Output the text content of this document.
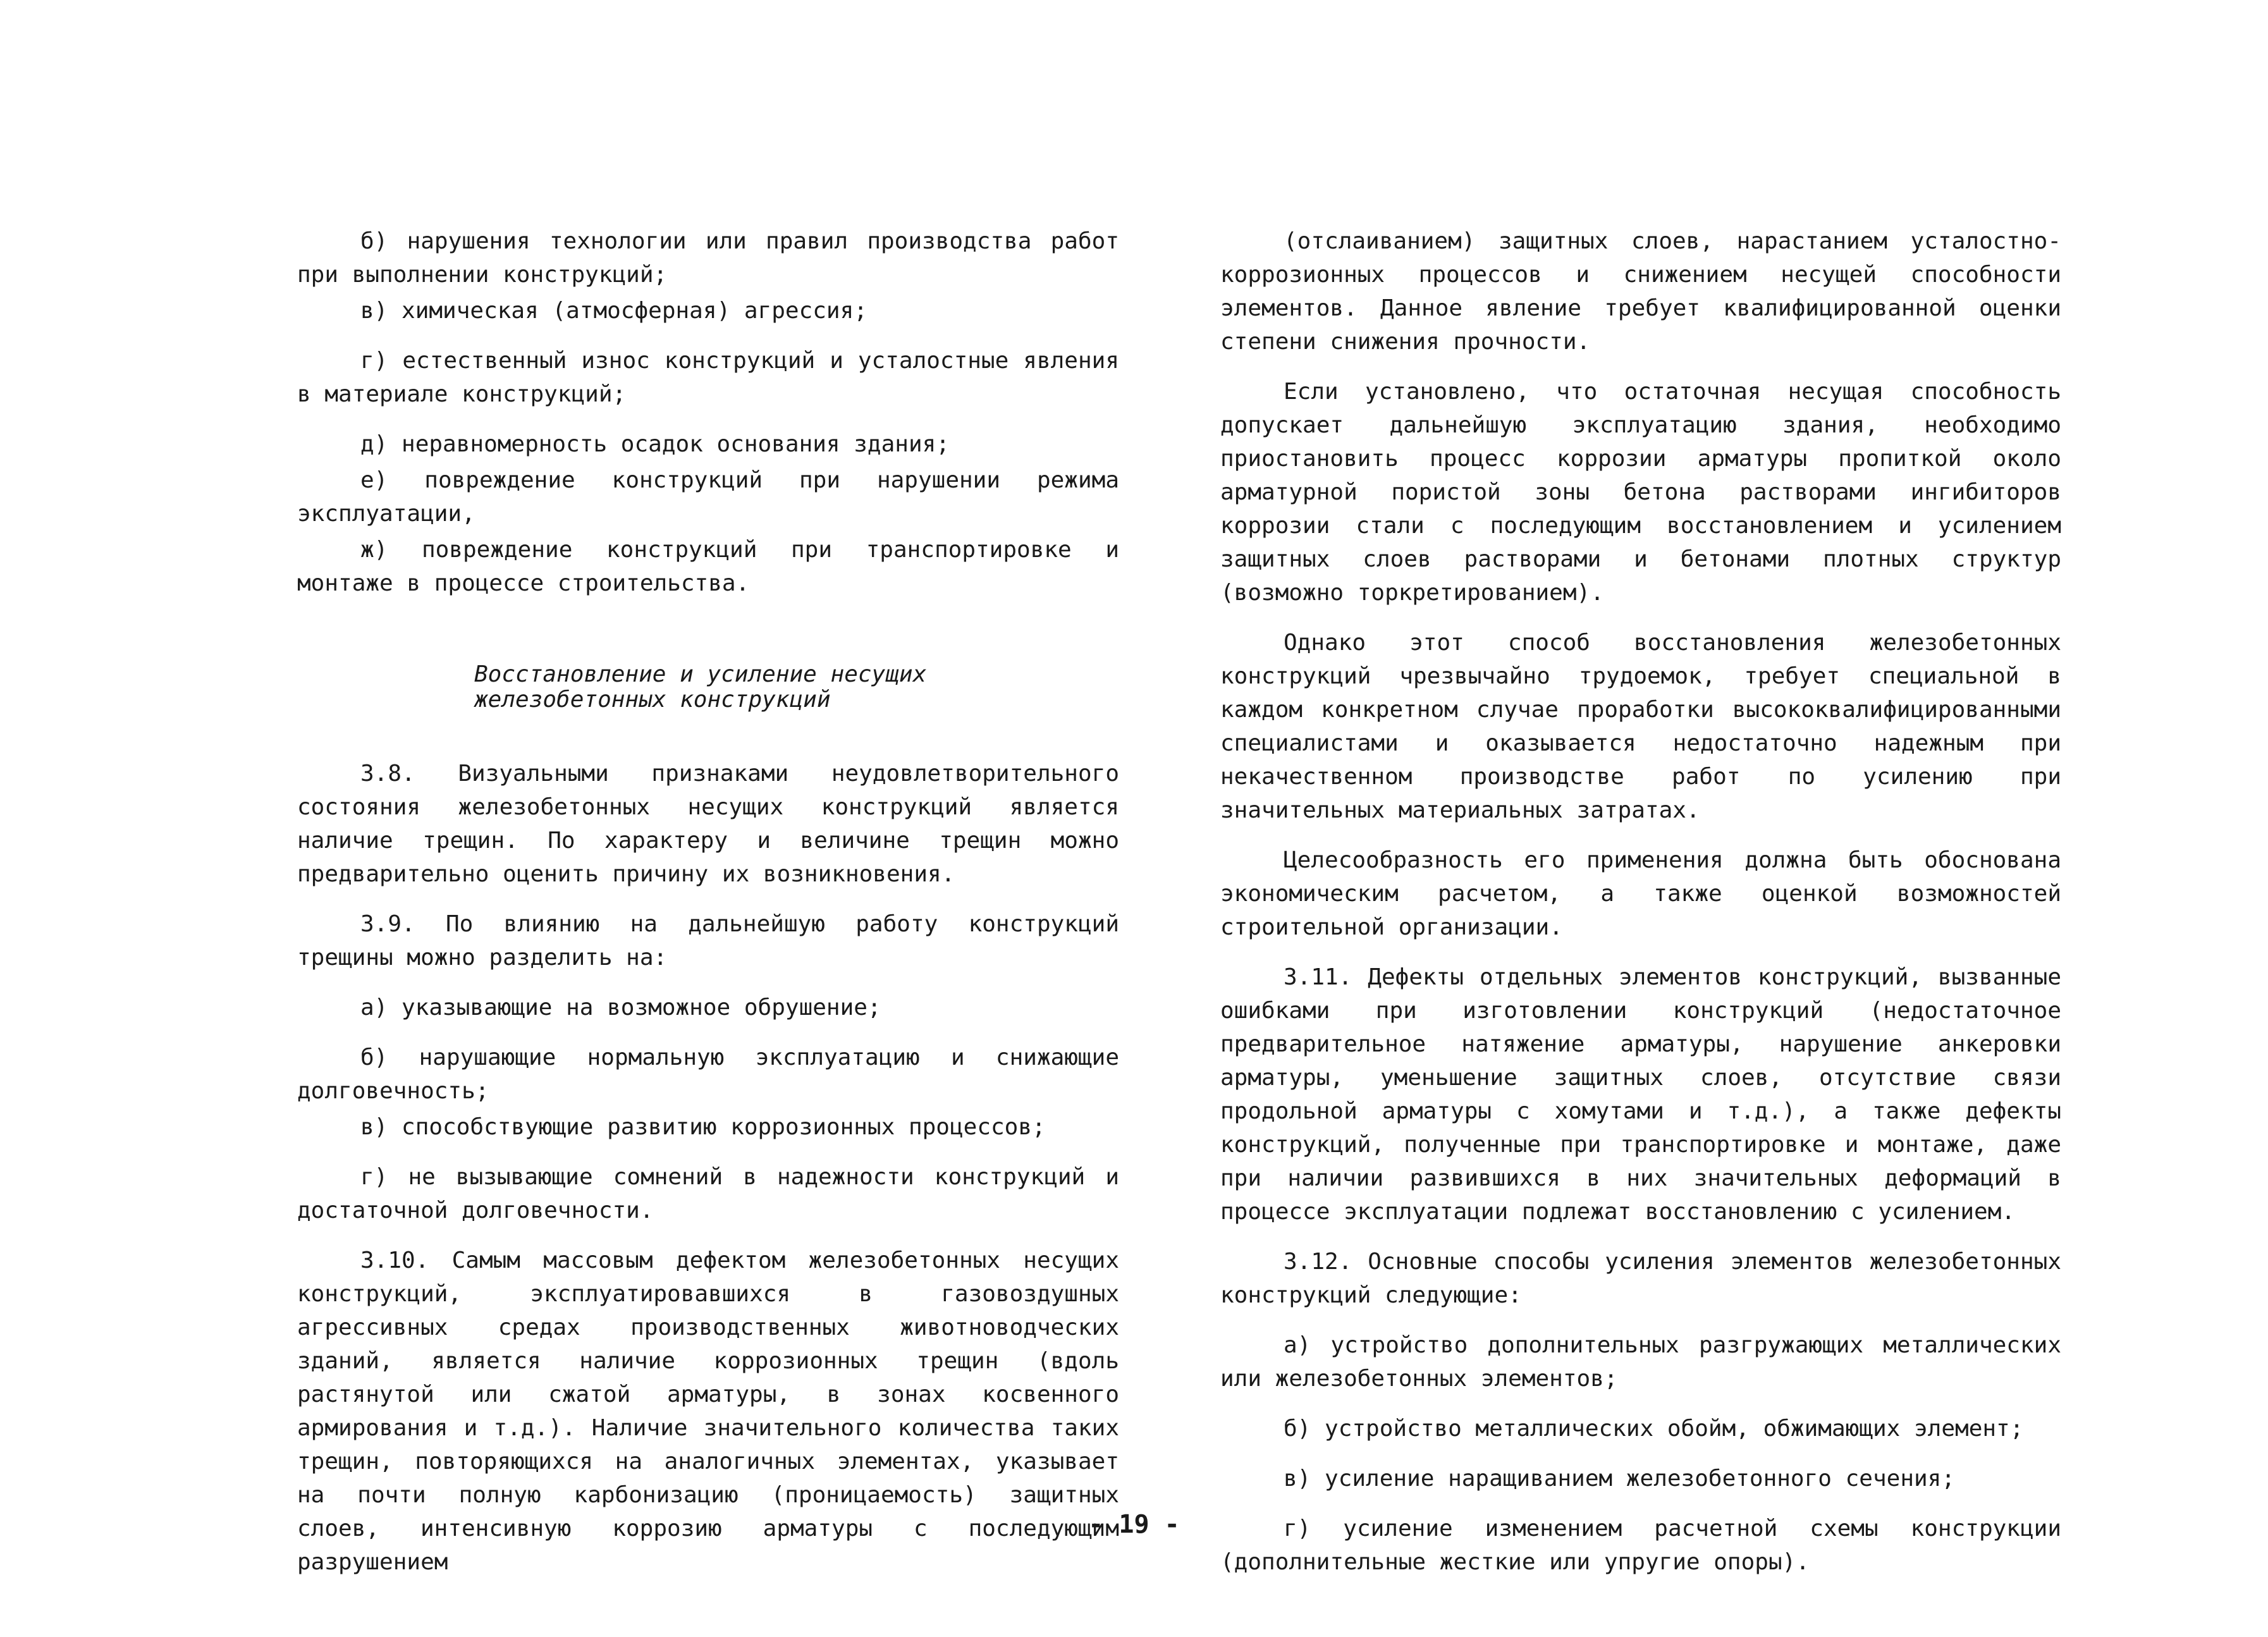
б) нарушения технологии или правил производства работ при выполнении конструкций;

в) химическая (атмосферная) агрессия;

г) естественный износ конструкций и усталостные явления в материале конструкций;

д) неравномерность осадок основания здания;

е) повреждение конструкций при нарушении режима эксплуатации,

ж) повреждение конструкций при транспортировке и монтаже в процессе строительства.

Восстановление и усиление несущих
железобетонных конструкций

3.8. Визуальными признаками неудовлетворительного состояния железобетонных несущих конструкций является наличие трещин. По характеру и величине трещин можно предварительно оценить причину их возникновения.

3.9. По влиянию на дальнейшую работу конструкций трещины можно разделить на:

а) указывающие на возможное обрушение;

б) нарушающие нормальную эксплуатацию и снижающие долговечность;

в) способствующие развитию коррозионных процессов;

г) не вызывающие сомнений в надежности конструкций и достаточной долговечности.

3.10. Самым массовым дефектом железобетонных несущих конструкций, эксплуатировавшихся в газовоздушных агрессивных средах производственных животноводческих зданий, является наличие коррозионных трещин (вдоль растянутой или сжатой арматуры, в зонах косвенного армирования и т.д.). Наличие значительного количества таких трещин, повторяющихся на аналогичных элементах, указывает на почти полную карбонизацию (проницаемость) защитных слоев, интенсивную коррозию арматуры с последующим разрушением

(отслаиванием) защитных слоев, нарастанием усталостно-коррозионных процессов и снижением несущей способности элементов. Данное явление требует квалифицированной оценки степени снижения прочности.

Если установлено, что остаточная несущая способность допускает дальнейшую эксплуатацию здания, необходимо приостановить процесс коррозии арматуры пропиткой около арматурной пористой зоны бетона растворами ингибиторов коррозии стали с последующим восстановлением и усилением защитных слоев растворами и бетонами плотных структур (возможно торкретированием).

Однако этот способ восстановления железобетонных конструкций чрезвычайно трудоемок, требует специальной в каждом конкретном случае проработки высококвалифицированными специалистами и оказывается недостаточно надежным при некачественном производстве работ по усилению при значительных материальных затратах.

Целесообразность его применения должна быть обоснована экономическим расчетом, а также оценкой возможностей строительной организации.

3.11. Дефекты отдельных элементов конструкций, вызванные ошибками при изготовлении конструкций (недостаточное предварительное натяжение арматуры, нарушение анкеровки арматуры, уменьшение защитных слоев, отсутствие связи продольной арматуры с хомутами и т.д.), а также дефекты конструкций, полученные при транспортировке и монтаже, даже при наличии развившихся в них значительных деформаций в процессе эксплуатации подлежат восстановлению с усилением.

3.12. Основные способы усиления элементов железобетонных конструкций следующие:

а) устройство дополнительных разгружающих металлических или железобетонных элементов;

б) устройство металлических обойм, обжимающих элемент;

в) усиление наращиванием железобетонного сечения;

г) усиление изменением расчетной схемы конструкции (дополнительные жесткие или упругие опоры).

- 19 -
